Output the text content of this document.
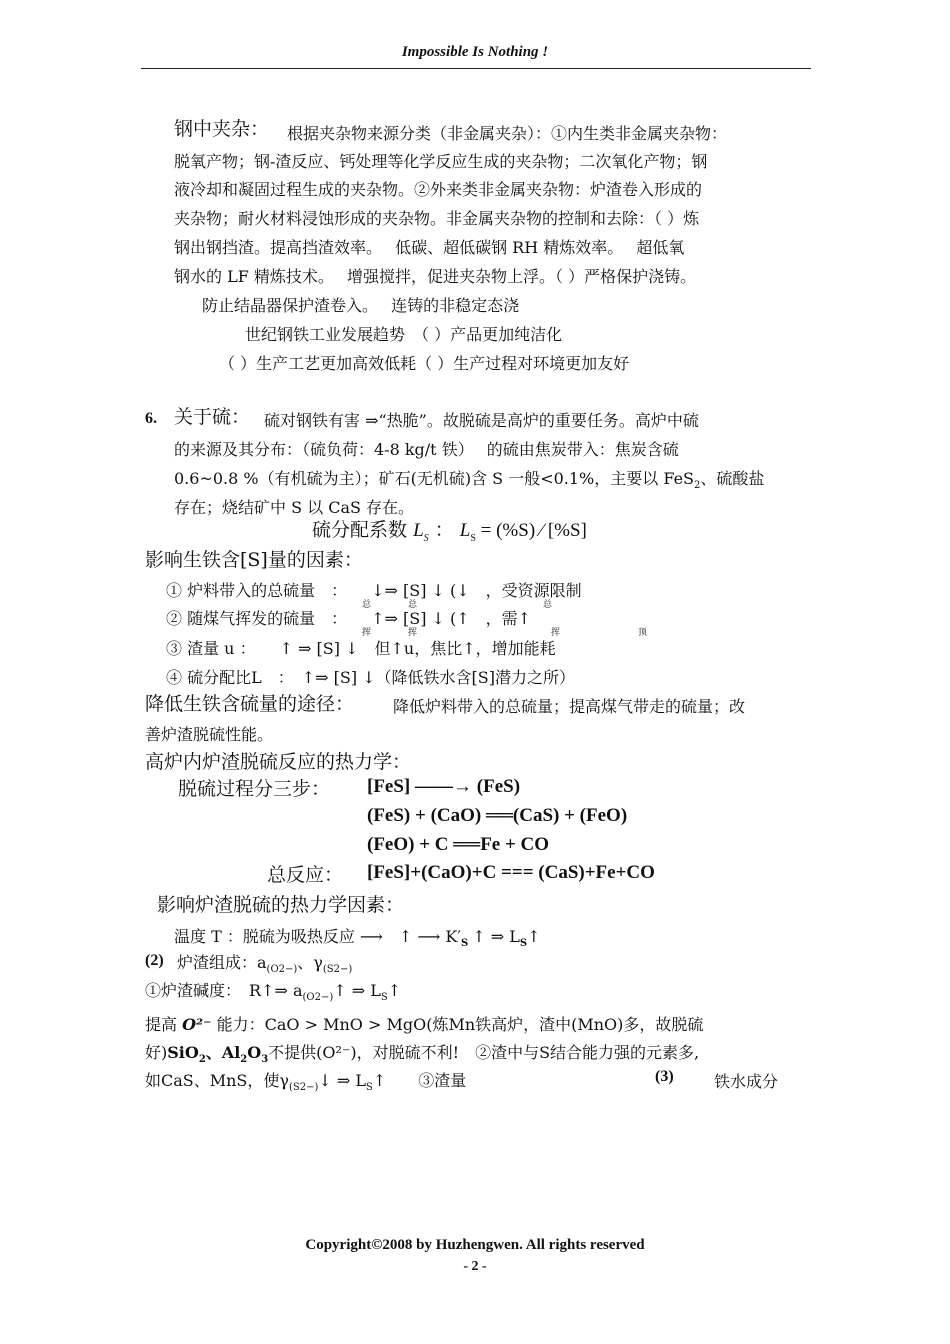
Impossible Is Nothing !
钢中夹杂： 根据夹杂物来源分类（非金属夹杂）：①内生类非金属夹杂物：
脱氧产物；钢-渣反应、钙处理等化学反应生成的夹杂物；二次氧化产物；钢
液冷却和凝固过程生成的夹杂物。②外来类非金属夹杂物：炉渣卷入形成的
夹杂物；耐火材料浸蚀形成的夹杂物。非金属夹杂物的控制和去除：（ ）炼
钢出钢挡渣。提高挡渣效率。　 低碳、超低碳钢 RH 精炼效率。　 超低氧
钢水的 LF 精炼技术。　 增强搅拌，促进夹杂物上浮。（ ）严格保护浇铸。
防止结晶器保护渣卷入。　 连铸的非稳定态浇
世纪钢铁工业发展趋势　（ ）产品更加纯洁化
（ ）生产工艺更加高效低耗（ ）生产过程对环境更加友好
6. 关于硫： 硫对钢铁有害 ⇒“热脆”。故脱硫是高炉的重要任务。高炉中硫
的来源及其分布：（硫负荷：4-8 kg/t 铁）　 的硫由焦炭带入：焦炭含硫
0.6~0.8 %（有机硫为主）；矿石(无机硫)含 S 一般<0.1%，主要以 FeS$_2$、硫酸盐
存在；烧结矿中 S 以 CaS 存在。
硫分配系数 $L_S$ ： $L_S = (\%S)$ ⁄ [%S]
影响生铁含[S]量的因素：
① 炉料带入的总硫量　：　　↓⇒ [S] ↓ (↓　，受资源限制
总	总	总
② 随煤气挥发的硫量　：　　↑⇒ [S] ↓ (↑　，需↑
挥	挥	挥	顶
③ 渣量 u ：　　↑ ⇒ [S] ↓　但↑u，焦比↑，增加能耗
④ 硫分配比L　：　↑⇒ [S] ↓（降低铁水含[S]潜力之所）
降低生铁含硫量的途径： 降低炉料带入的总硫量；提高煤气带走的硫量；改
善炉渣脱硫性能。
高炉内炉渣脱硫反应的热力学：
脱硫过程分三步： [FeS] ——→ (FeS)
(FeS) + (CaO) ══(CaS) + (FeO)
(FeO) + C ══Fe + CO
总反应： [FeS]+(CaO)+C === (CaS)+Fe+CO
影响炉渣脱硫的热力学因素：
温度 T ：脱硫为吸热反应 ⟶　↑ ⟶ $K'_S$ ↑ ⇒ $L_S↑$
(2) 炉渣组成：$a_{(O2-)}$、$\gamma_{(S2-)}$
①炉渣碱度：　R↑⇒ $a_{(O2-)}↑$ ⇒ $L_S↑$
提高 O²⁻ 能力：CaO > MnO > MgO(炼Mn铁高炉，渣中(MnO)多，故脱硫
好)SiO$_2$、$Al_2O_3$不提供(O²⁻)，对脱硫不利!　②渣中与S结合能力强的元素多,
如CaS、MnS，使$\gamma_{(S2-)}↓$ ⇒ $L_S↑$　　③渣量	(3)	铁水成分
Copyright©2008 by Huzhengwen. All rights reserved
- 2 -
